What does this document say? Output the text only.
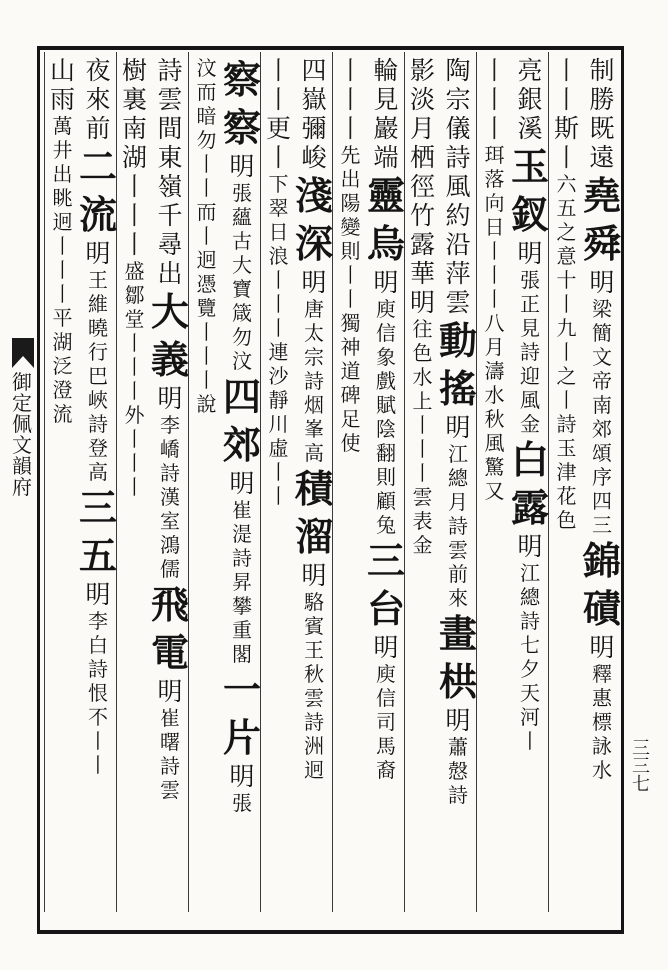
御
定
佩
文
韻
府
制
勝
既
遠
堯
舜
明
梁
簡
文
帝
南
郊
頌
序
四
三
錦
磧
明
釋
惠
標
詠
水
丨
丨
斯
丨
六
五
之
意
十
丨
九
丨
之
丨
詩
玉
津
花
色
亮
銀
溪
玉
釵
明
張
正
見
詩
迎
風
金
白
露
明
江
總
詩
七
夕
天
河
丨
丨
丨
丨
珥
落
向
日
丨
丨
丨
八
月
濤
水
秋
風
驚
又
陶
宗
儀
詩
風
約
沿
萍
雲
動
搖
明
江
總
月
詩
雲
前
來
畫
栱
明
蕭
慤
詩
影
淡
月
栖
徑
竹
露
華
明
往
色
水
上
丨
丨
丨
雲
表
金
輪
見
巖
端
靈
烏
明
庾
信
象
戲
賦
陰
翻
則
顧
兔
三
台
明
庾
信
司
馬
裔
丨
丨
丨
先
出
陽
變
則
丨
丨
獨
神
道
碑
足
使
四
嶽
彌
峻
淺
深
明
唐
太
宗
詩
烟
峯
高
積
溜
明
駱
賓
王
秋
雲
詩
洲
迥
丨
丨
更
丨
下
翠
日
浪
丨
丨
丨
連
沙
靜
川
虛
丨
丨
察
察
明
張
蘊
古
大
寶
箴
勿
汶
四
郊
明
崔
湜
詩
昇
攀
重
閣
一
片
明
張
汶
而
暗
勿
丨
丨
而
丨
迥
憑
覽
丨
丨
丨
說
詩
雲
間
東
嶺
千
尋
出
大
義
明
李
嶠
詩
漢
室
鴻
儒
飛
電
明
崔
曙
詩
雲
樹
裏
南
湖
丨
丨
丨
盛
鄒
堂
丨
丨
丨
外
丨
丨
丨
夜
來
前
二
流
明
王
維
曉
行
巴
峽
詩
登
高
三
五
明
李
白
詩
恨
不
丨
丨
山
雨
萬
井
出
眺
迥
丨
丨
丨
平
湖
泛
澄
流
三
三
七
